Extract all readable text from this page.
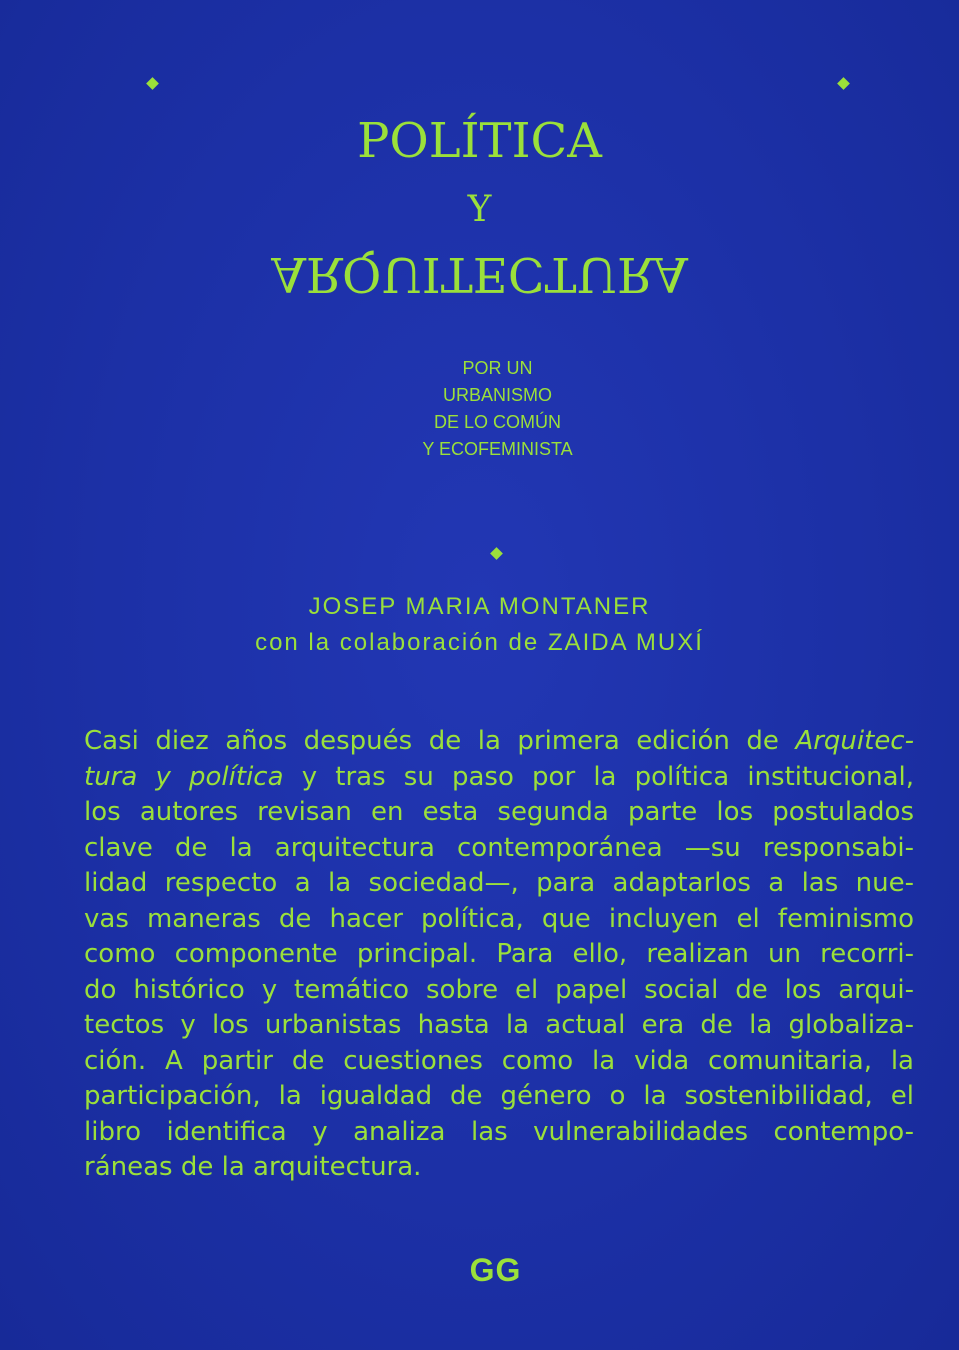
POLÍTICA
Y
ARQUITECTURA
POR UN
URBANISMO
DE LO COMÚN
Y ECOFEMINISTA
JOSEP MARIA MONTANER
con la colaboración de ZAIDA MUXÍ
Casi diez años después de la primera edición de Arquitec-
tura y política y tras su paso por la política institucional,
los autores revisan en esta segunda parte los postulados
clave de la arquitectura contemporánea —su responsabi-
lidad respecto a la sociedad—, para adaptarlos a las nue-
vas maneras de hacer política, que incluyen el feminismo
como componente principal. Para ello, realizan un recorri-
do histórico y temático sobre el papel social de los arqui-
tectos y los urbanistas hasta la actual era de la globaliza-
ción. A partir de cuestiones como la vida comunitaria, la
participación, la igualdad de género o la sostenibilidad, el
libro identifica y analiza las vulnerabilidades contempo-
ráneas de la arquitectura.
GG
